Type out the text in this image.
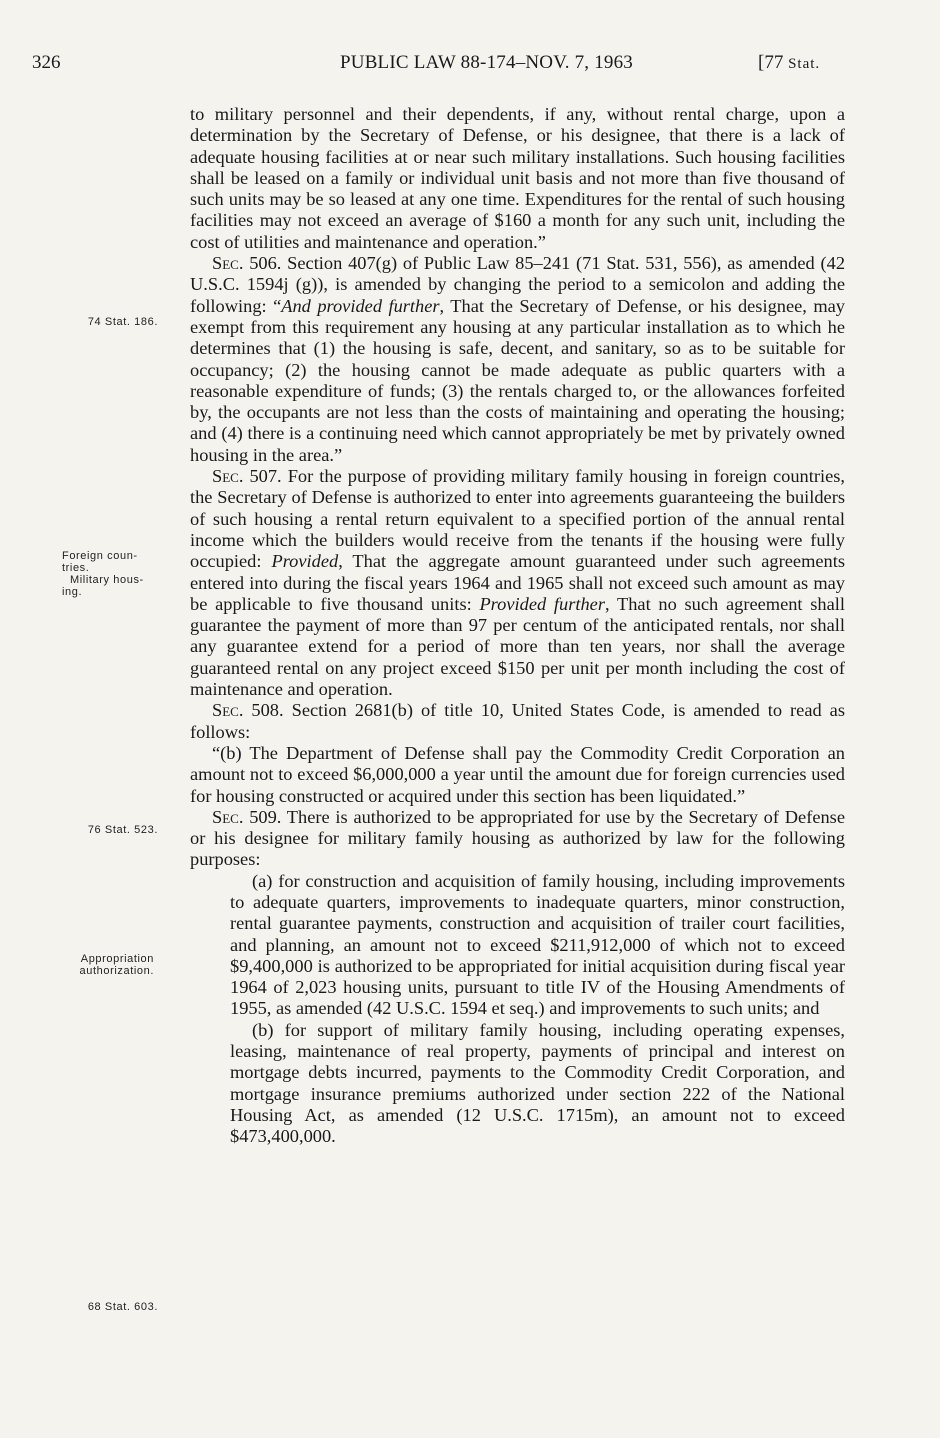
326	PUBLIC LAW 88-174–NOV. 7, 1963	[77 Stat.
74 Stat. 186.
Foreign coun-
tries.
Military hous-
ing.
76 Stat. 523.
Appropriation
authorization.
68 Stat. 603.

to military personnel and their dependents, if any, without rental charge, upon a determination by the Secretary of Defense, or his designee, that there is a lack of adequate housing facilities at or near such military installations. Such housing facilities shall be leased on a family or individual unit basis and not more than five thousand of such units may be so leased at any one time. Expenditures for the rental of such housing facilities may not exceed an average of $160 a month for any such unit, including the cost of utilities and maintenance and operation.”

Sec. 506. Section 407(g) of Public Law 85–241 (71 Stat. 531, 556), as amended (42 U.S.C. 1594j (g)), is amended by changing the period to a semicolon and adding the following: “And provided further, That the Secretary of Defense, or his designee, may exempt from this requirement any housing at any particular installation as to which he determines that (1) the housing is safe, decent, and sanitary, so as to be suitable for occupancy; (2) the housing cannot be made adequate as public quarters with a reasonable expenditure of funds; (3) the rentals charged to, or the allowances forfeited by, the occupants are not less than the costs of maintaining and operating the housing; and (4) there is a continuing need which cannot appropriately be met by privately owned housing in the area.”

Sec. 507. For the purpose of providing military family housing in foreign countries, the Secretary of Defense is authorized to enter into agreements guaranteeing the builders of such housing a rental return equivalent to a specified portion of the annual rental income which the builders would receive from the tenants if the housing were fully occupied: Provided, That the aggregate amount guaranteed under such agreements entered into during the fiscal years 1964 and 1965 shall not exceed such amount as may be applicable to five thousand units: Provided further, That no such agreement shall guarantee the payment of more than 97 per centum of the anticipated rentals, nor shall any guarantee extend for a period of more than ten years, nor shall the average guaranteed rental on any project exceed $150 per unit per month including the cost of maintenance and operation.

Sec. 508. Section 2681(b) of title 10, United States Code, is amended to read as follows:

“(b) The Department of Defense shall pay the Commodity Credit Corporation an amount not to exceed $6,000,000 a year until the amount due for foreign currencies used for housing constructed or acquired under this section has been liquidated.”

Sec. 509. There is authorized to be appropriated for use by the Secretary of Defense or his designee for military family housing as authorized by law for the following purposes:

(a) for construction and acquisition of family housing, including improvements to adequate quarters, improvements to inadequate quarters, minor construction, rental guarantee payments, construction and acquisition of trailer court facilities, and planning, an amount not to exceed $211,912,000 of which not to exceed $9,400,000 is authorized to be appropriated for initial acquisition during fiscal year 1964 of 2,023 housing units, pursuant to title IV of the Housing Amendments of 1955, as amended (42 U.S.C. 1594 et seq.) and improvements to such units; and

(b) for support of military family housing, including operating expenses, leasing, maintenance of real property, payments of principal and interest on mortgage debts incurred, payments to the Commodity Credit Corporation, and mortgage insurance premiums authorized under section 222 of the National Housing Act, as amended (12 U.S.C. 1715m), an amount not to exceed $473,400,000.
